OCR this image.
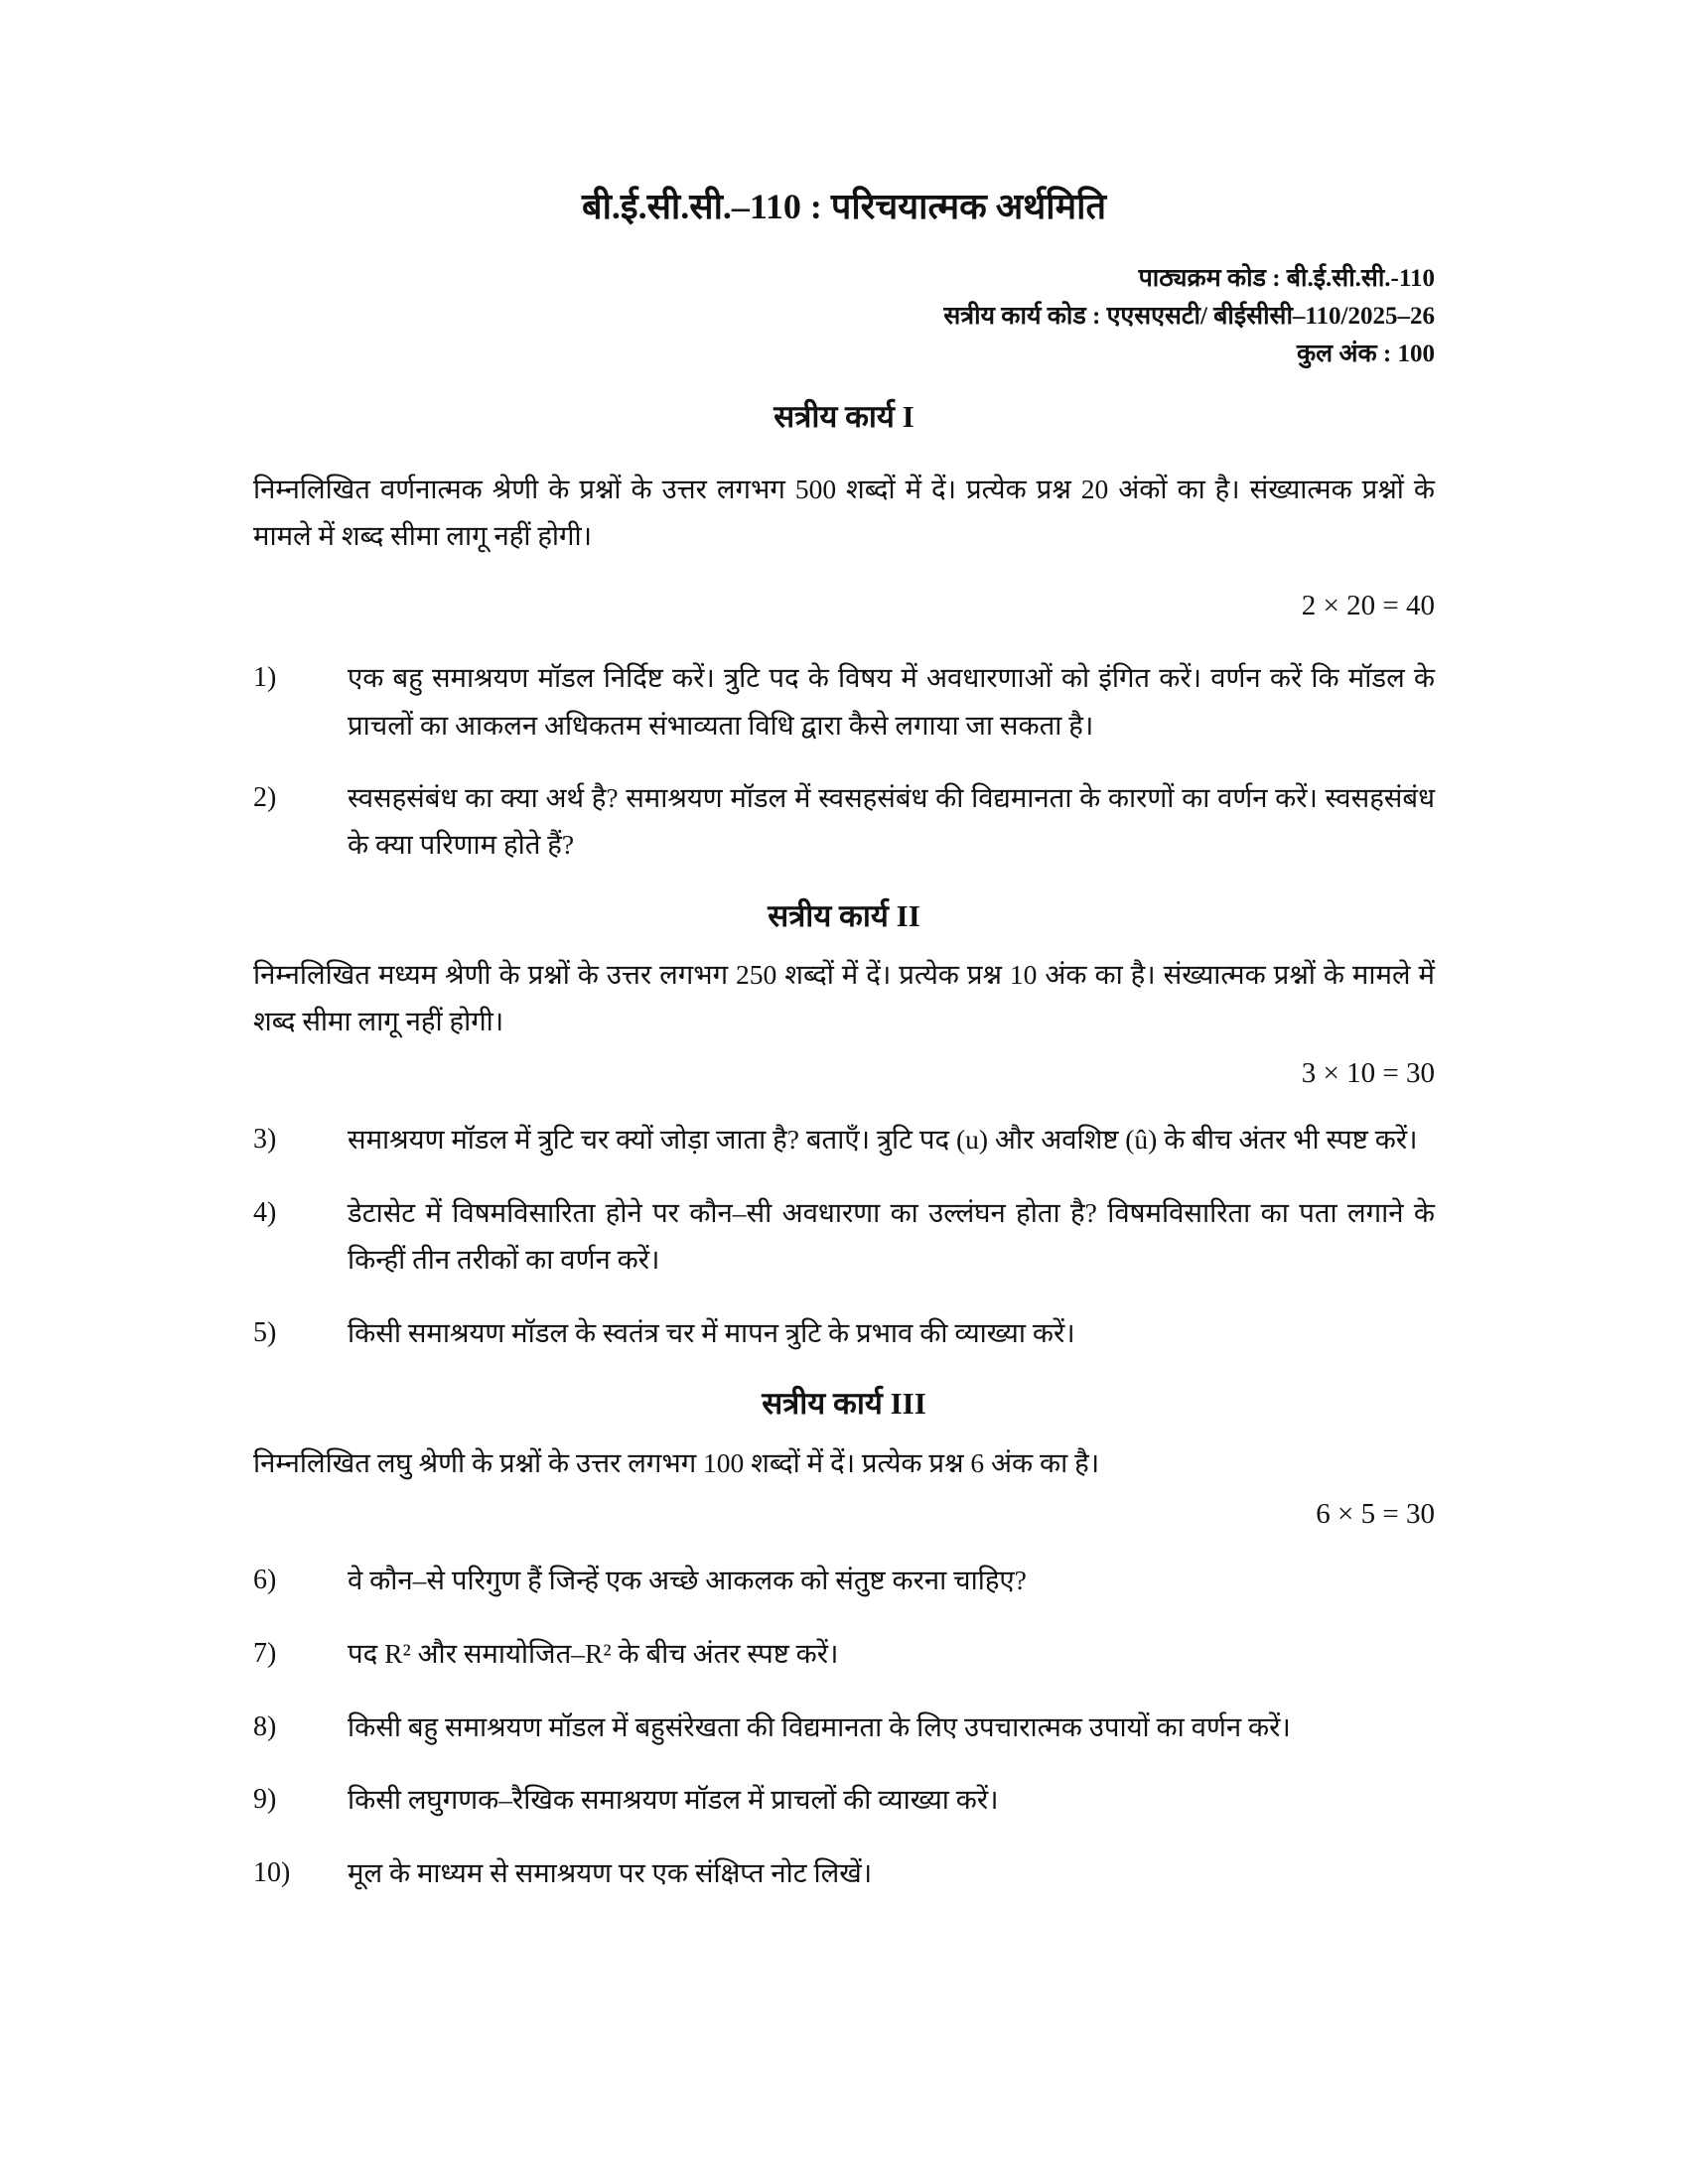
बी.ई.सी.सी.–110 : परिचयात्मक अर्थमिति
पाठ्यक्रम कोड : बी.ई.सी.सी.-110
सत्रीय कार्य कोड : एएसएसटी/ बीईसीसी–110/2025–26
कुल अंक : 100
सत्रीय कार्य I

निम्नलिखित वर्णनात्मक श्रेणी के प्रश्नों के उत्तर लगभग 500 शब्दों में दें। प्रत्येक प्रश्न 20 अंकों का है। संख्यात्मक प्रश्नों के मामले में शब्द सीमा लागू नहीं होगी।

2 × 20 = 40
1)	एक बहु समाश्रयण मॉडल निर्दिष्ट करें। त्रुटि पद के विषय में अवधारणाओं को इंगित करें। वर्णन करें कि मॉडल के प्राचलों का आकलन अधिकतम संभाव्यता विधि द्वारा कैसे लगाया जा सकता है।
2)	स्वसहसंबंध का क्या अर्थ है? समाश्रयण मॉडल में स्वसहसंबंध की विद्यमानता के कारणों का वर्णन करें। स्वसहसंबंध के क्या परिणाम होते हैं?
सत्रीय कार्य II

निम्नलिखित मध्यम श्रेणी के प्रश्नों के उत्तर लगभग 250 शब्दों में दें। प्रत्येक प्रश्न 10 अंक का है। संख्यात्मक प्रश्नों के मामले में शब्द सीमा लागू नहीं होगी।

3 × 10 = 30
3)	समाश्रयण मॉडल में त्रुटि चर क्यों जोड़ा जाता है? बताएँ। त्रुटि पद (u) और अवशिष्ट (û) के बीच अंतर भी स्पष्ट करें।
4)	डेटासेट में विषमविसारिता होने पर कौन–सी अवधारणा का उल्लंघन होता है? विषमविसारिता का पता लगाने के किन्हीं तीन तरीकों का वर्णन करें।
5)	किसी समाश्रयण मॉडल के स्वतंत्र चर में मापन त्रुटि के प्रभाव की व्याख्या करें।
सत्रीय कार्य III

निम्नलिखित लघु श्रेणी के प्रश्नों के उत्तर लगभग 100 शब्दों में दें। प्रत्येक प्रश्न 6 अंक का है।

6 × 5 = 30
6)	वे कौन–से परिगुण हैं जिन्हें एक अच्छे आकलक को संतुष्ट करना चाहिए?
7)	पद R² और समायोजित–R² के बीच अंतर स्पष्ट करें।
8)	किसी बहु समाश्रयण मॉडल में बहुसंरेखता की विद्यमानता के लिए उपचारात्मक उपायों का वर्णन करें।
9)	किसी लघुगणक–रैखिक समाश्रयण मॉडल में प्राचलों की व्याख्या करें।
10)	मूल के माध्यम से समाश्रयण पर एक संक्षिप्त नोट लिखें।
